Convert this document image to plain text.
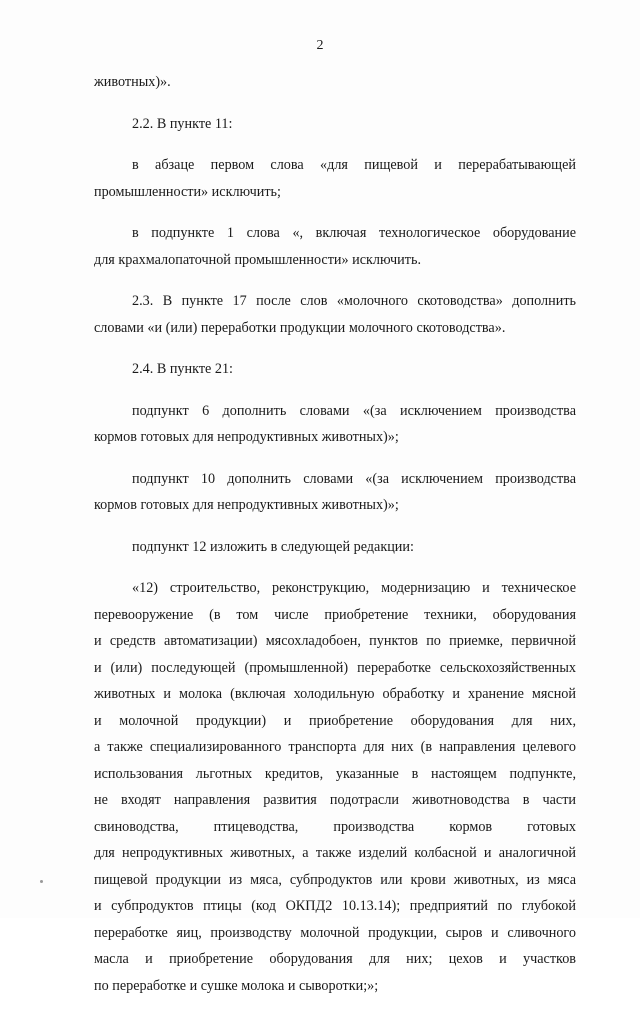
2
животных)».
2.2. В пункте 11:
в абзаце первом слова «для пищевой и перерабатывающей
промышленности» исключить;
в подпункте 1 слова «, включая технологическое оборудование
для крахмалопаточной промышленности» исключить.
2.3. В пункте 17 после слов «молочного скотоводства» дополнить
словами «и (или) переработки продукции молочного скотоводства».
2.4. В пункте 21:
подпункт 6 дополнить словами «(за исключением производства
кормов готовых для непродуктивных животных)»;
подпункт 10 дополнить словами «(за исключением производства
кормов готовых для непродуктивных животных)»;
подпункт 12 изложить в следующей редакции:
«12) строительство, реконструкцию, модернизацию и техническое
перевооружение (в том числе приобретение техники, оборудования
и средств автоматизации) мясохладобоен, пунктов по приемке, первичной
и (или) последующей (промышленной) переработке сельскохозяйственных
животных и молока (включая холодильную обработку и хранение мясной
и молочной продукции) и приобретение оборудования для них,
а также специализированного транспорта для них (в направления целевого
использования льготных кредитов, указанные в настоящем подпункте,
не входят направления развития подотрасли животноводства в части
свиноводства, птицеводства, производства кормов готовых
для непродуктивных животных, а также изделий колбасной и аналогичной
пищевой продукции из мяса, субпродуктов или крови животных, из мяса
и субпродуктов птицы (код ОКПД2 10.13.14); предприятий по глубокой
переработке яиц, производству молочной продукции, сыров и сливочного
масла и приобретение оборудования для них; цехов и участков
по переработке и сушке молока и сыворотки;»;
